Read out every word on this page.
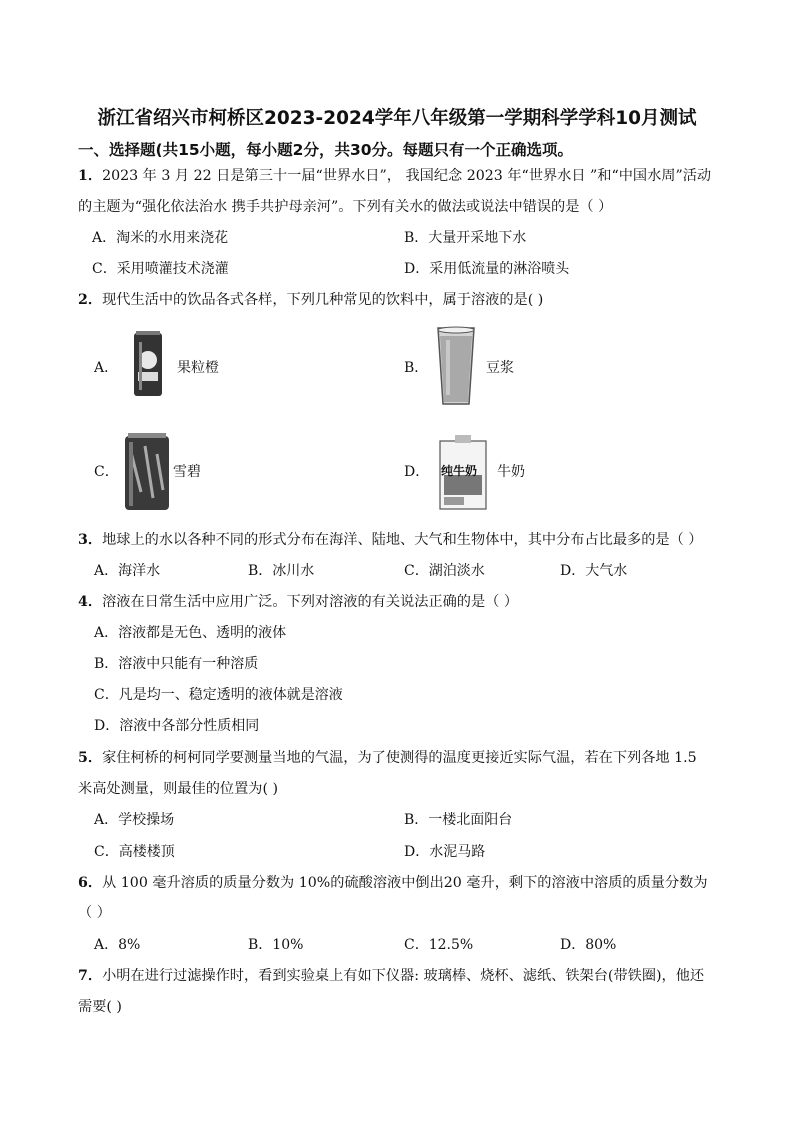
浙江省绍兴市柯桥区2023-2024学年八年级第一学期科学学科10月测试
一、选择题(共15小题，每小题2分，共30分。每题只有一个正确选项。
1．2023 年 3 月 22 日是第三十一届“世界水日”， 我国纪念 2023 年“世界水日 ”和“中国水周”活动
的主题为“强化依法治水 携手共护母亲河”。下列有关水的做法或说法中错误的是（ ）
A．淘米的水用来浇花	B．大量开采地下水
C．采用喷灌技术浇灌	D．采用低流量的淋浴喷头
2．现代生活中的饮品各式各样，下列几种常见的饮料中，属于溶液的是( )
A．	果粒橙	B．	豆浆
C．	雪碧	D． 纯牛奶 牛奶
3．地球上的水以各种不同的形式分布在海洋、陆地、大气和生物体中，其中分布占比最多的是（ ）
A．海洋水	B．冰川水	C．湖泊淡水	D．大气水
4．溶液在日常生活中应用广泛。下列对溶液的有关说法正确的是（ ）
A．溶液都是无色、透明的液体
B．溶液中只能有一种溶质
C．凡是均一、稳定透明的液体就是溶液
D．溶液中各部分性质相同
5．家住柯桥的柯柯同学要测量当地的气温，为了使测得的温度更接近实际气温，若在下列各地 1.5
米高处测量，则最佳的位置为( )
A．学校操场	B．一楼北面阳台
C．高楼楼顶	D．水泥马路
6．从 100 毫升溶质的质量分数为 10%的硫酸溶液中倒出20 毫升，剩下的溶液中溶质的质量分数为
（ ）
A．8%	B．10%	C．12.5%	D．80%
7．小明在进行过滤操作时，看到实验桌上有如下仪器: 玻璃棒、烧杯、滤纸、铁架台(带铁圈)，他还
需要( )
